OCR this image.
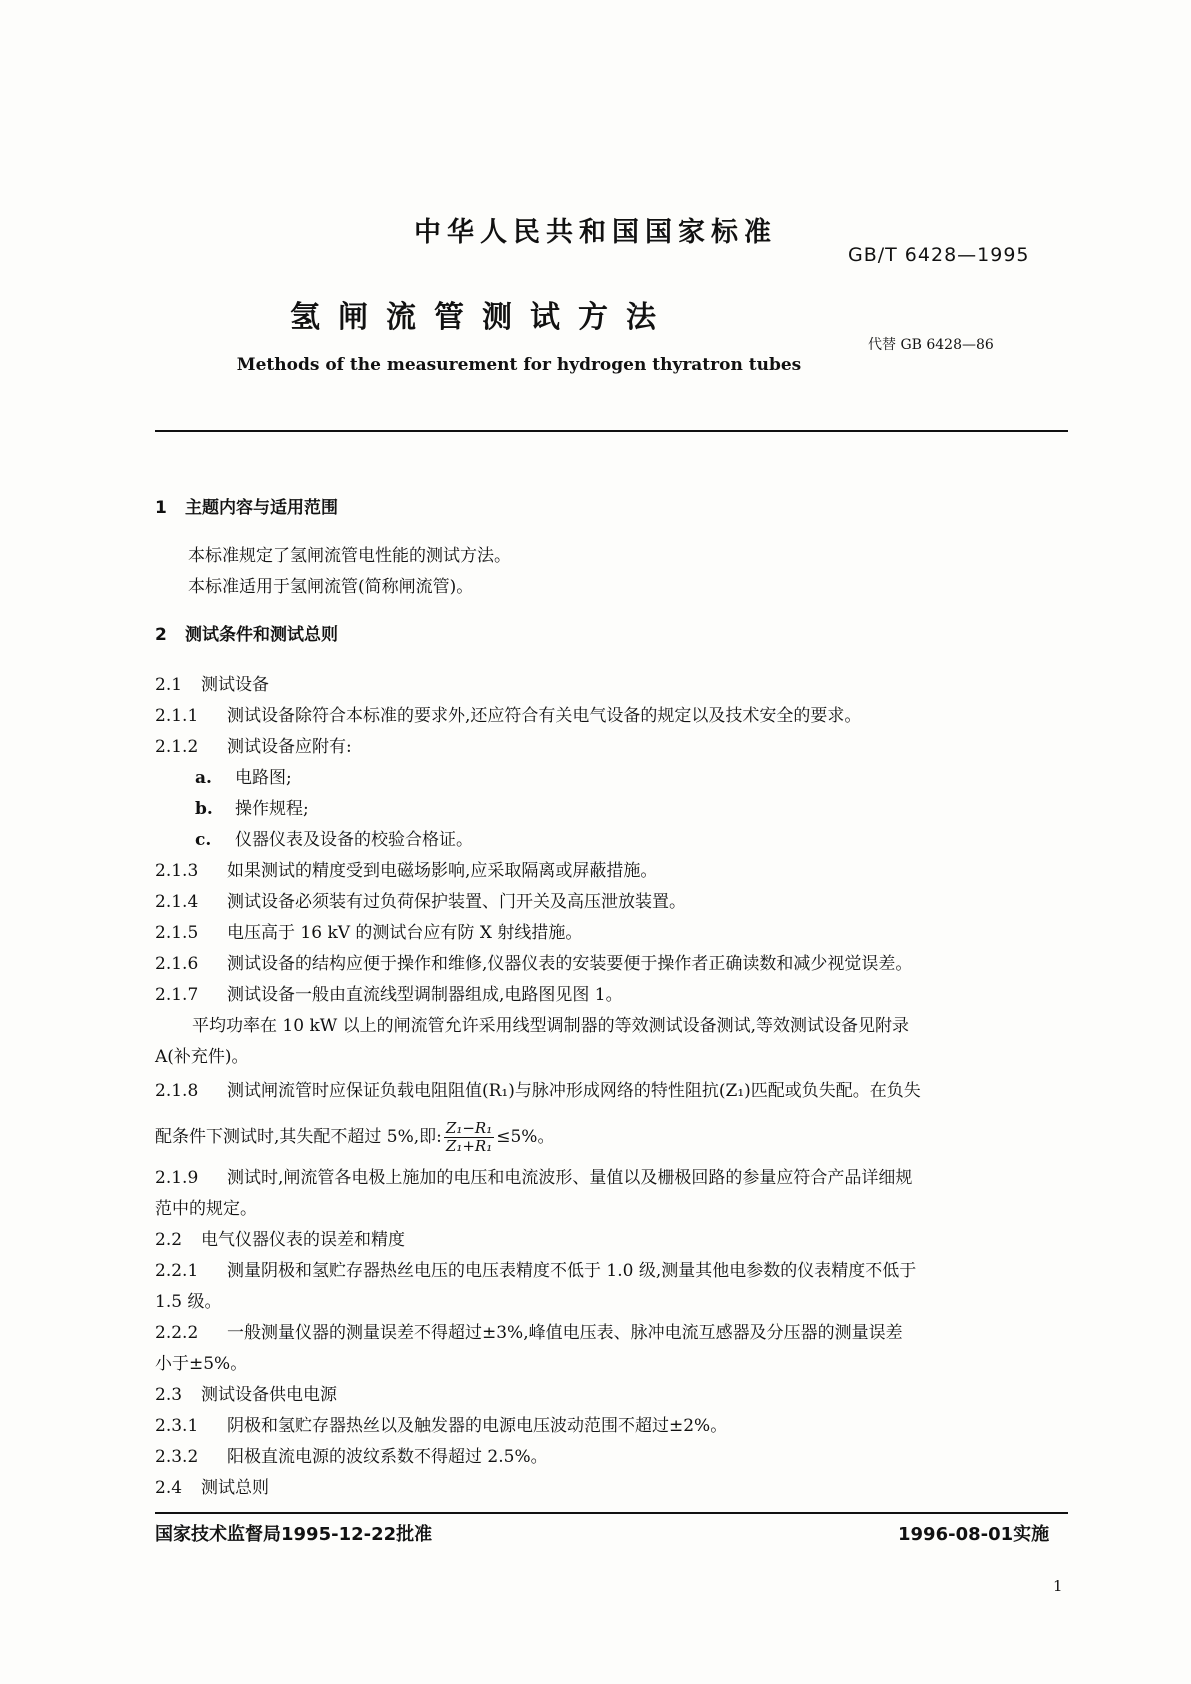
中华人民共和国国家标准
GB/T 6428—1995
氢闸流管测试方法
代替 GB 6428—86
Methods of the measurement for hydrogen thyratron tubes
1 主题内容与适用范围
本标准规定了氢闸流管电性能的测试方法。
本标准适用于氢闸流管(简称闸流管)。
2 测试条件和测试总则
2.1 测试设备
2.1.1 测试设备除符合本标准的要求外,还应符合有关电气设备的规定以及技术安全的要求。
2.1.2 测试设备应附有:
a. 电路图;
b. 操作规程;
c. 仪器仪表及设备的校验合格证。
2.1.3 如果测试的精度受到电磁场影响,应采取隔离或屏蔽措施。
2.1.4 测试设备必须装有过负荷保护装置、门开关及高压泄放装置。
2.1.5 电压高于 16 kV 的测试台应有防 X 射线措施。
2.1.6 测试设备的结构应便于操作和维修,仪器仪表的安装要便于操作者正确读数和减少视觉误差。
2.1.7 测试设备一般由直流线型调制器组成,电路图见图 1。
平均功率在 10 kW 以上的闸流管允许采用线型调制器的等效测试设备测试,等效测试设备见附录
A(补充件)。
2.1.8 测试闸流管时应保证负载电阻阻值(R₁)与脉冲形成网络的特性阻抗(Z₁)匹配或负失配。在负失
配条件下测试时,其失配不超过 5%,即: $\frac{\text{Z₁−R₁}}{\text{Z₁+R₁}} \le 5\%$。
2.1.9 测试时,闸流管各电极上施加的电压和电流波形、量值以及栅极回路的参量应符合产品详细规
范中的规定。
2.2 电气仪器仪表的误差和精度
2.2.1 测量阴极和氢贮存器热丝电压的电压表精度不低于 1.0 级,测量其他电参数的仪表精度不低于
1.5 级。
2.2.2 一般测量仪器的测量误差不得超过±3%,峰值电压表、脉冲电流互感器及分压器的测量误差
小于±5%。
2.3 测试设备供电电源
2.3.1 阴极和氢贮存器热丝以及触发器的电源电压波动范围不超过±2%。
2.3.2 阳极直流电源的波纹系数不得超过 2.5%。
2.4 测试总则
国家技术监督局1995-12-22批准	1996-08-01实施
1
